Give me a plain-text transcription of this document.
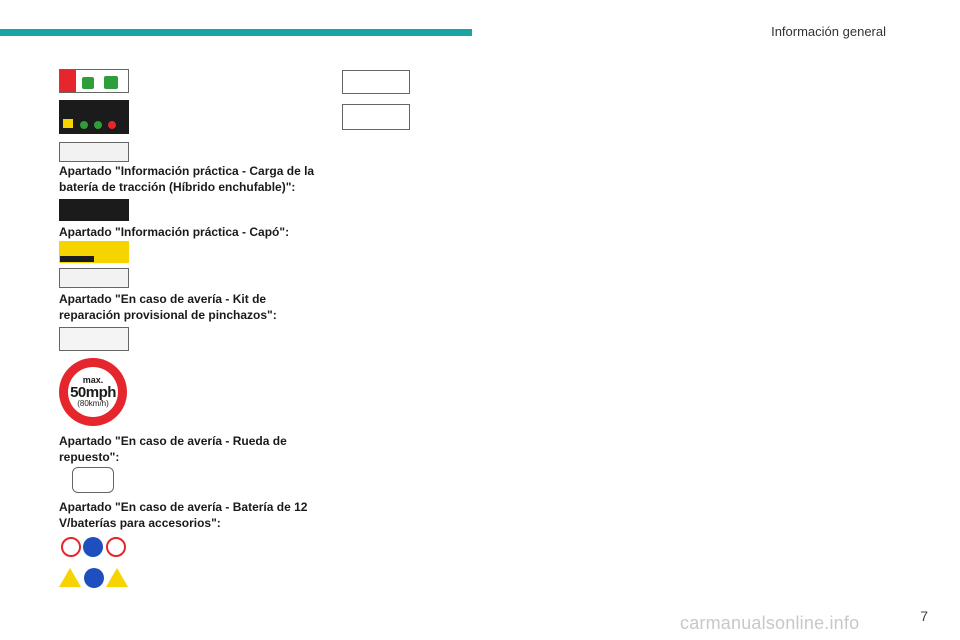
Información general
Apartado "Información práctica - Carga de la batería de tracción (Híbrido enchufable)":
Apartado "Información práctica - Capó":
Apartado "En caso de avería - Kit de reparación provisional de pinchazos":
max.
50mph
(80km/h)
Apartado "En caso de avería - Rueda de repuesto":
Apartado "En caso de avería - Batería de 12 V/baterías para accesorios":
carmanualsonline.info	7
